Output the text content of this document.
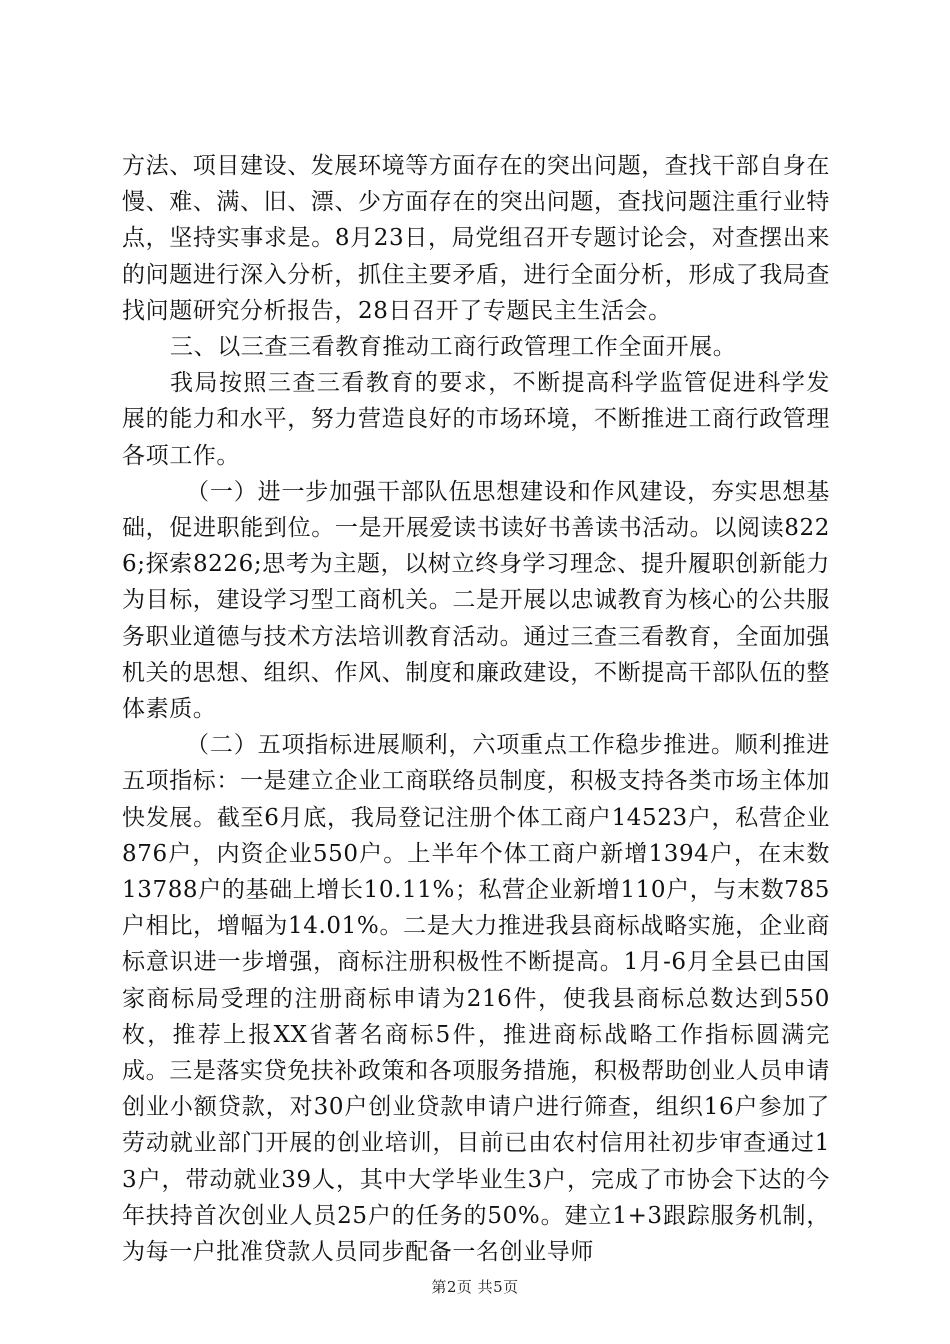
方法、项目建设、发展环境等方面存在的突出问题，查找干部自身在慢、难、满、旧、漂、少方面存在的突出问题，查找问题注重行业特点，坚持实事求是。8月23日，局党组召开专题讨论会，对查摆出来的问题进行深入分析，抓住主要矛盾，进行全面分析，形成了我局查找问题研究分析报告，28日召开了专题民主生活会。

三、以三查三看教育推动工商行政管理工作全面开展。

我局按照三查三看教育的要求，不断提高科学监管促进科学发展的能力和水平，努力营造良好的市场环境，不断推进工商行政管理各项工作。

（一）进一步加强干部队伍思想建设和作风建设，夯实思想基础，促进职能到位。一是开展爱读书读好书善读书活动。以阅读8226;探索8226;思考为主题，以树立终身学习理念、提升履职创新能力为目标，建设学习型工商机关。二是开展以忠诚教育为核心的公共服务职业道德与技术方法培训教育活动。通过三查三看教育，全面加强机关的思想、组织、作风、制度和廉政建设，不断提高干部队伍的整体素质。

（二）五项指标进展顺利，六项重点工作稳步推进。顺利推进五项指标：一是建立企业工商联络员制度，积极支持各类市场主体加快发展。截至6月底，我局登记注册个体工商户14523户，私营企业876户，内资企业550户。上半年个体工商户新增1394户，在末数13788户的基础上增长10.11%；私营企业新增110户，与末数785户相比，增幅为14.01%。二是大力推进我县商标战略实施，企业商标意识进一步增强，商标注册积极性不断提高。1月-6月全县已由国家商标局受理的注册商标申请为216件，使我县商标总数达到550枚，推荐上报XX省著名商标5件，推进商标战略工作指标圆满完成。三是落实贷免扶补政策和各项服务措施，积极帮助创业人员申请创业小额贷款，对30户创业贷款申请户进行筛查，组织16户参加了劳动就业部门开展的创业培训，目前已由农村信用社初步审查通过13户，带动就业39人，其中大学毕业生3户，完成了市协会下达的今年扶持首次创业人员25户的任务的50%。建立1+3跟踪服务机制，为每一户批准贷款人员同步配备一名创业导师

第2页 共5页
